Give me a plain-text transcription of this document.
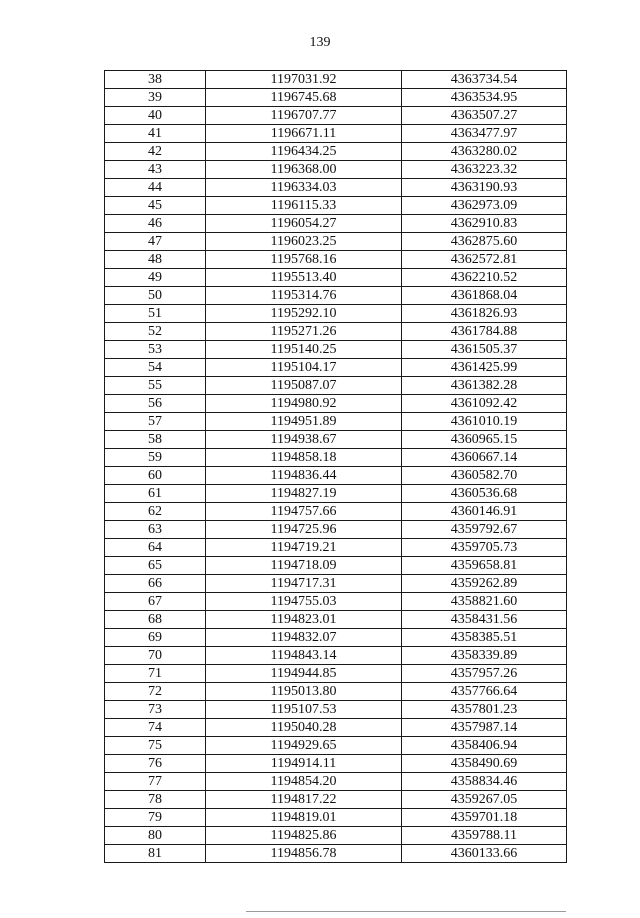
139
38	1197031.92	4363734.54
39	1196745.68	4363534.95
40	1196707.77	4363507.27
41	1196671.11	4363477.97
42	1196434.25	4363280.02
43	1196368.00	4363223.32
44	1196334.03	4363190.93
45	1196115.33	4362973.09
46	1196054.27	4362910.83
47	1196023.25	4362875.60
48	1195768.16	4362572.81
49	1195513.40	4362210.52
50	1195314.76	4361868.04
51	1195292.10	4361826.93
52	1195271.26	4361784.88
53	1195140.25	4361505.37
54	1195104.17	4361425.99
55	1195087.07	4361382.28
56	1194980.92	4361092.42
57	1194951.89	4361010.19
58	1194938.67	4360965.15
59	1194858.18	4360667.14
60	1194836.44	4360582.70
61	1194827.19	4360536.68
62	1194757.66	4360146.91
63	1194725.96	4359792.67
64	1194719.21	4359705.73
65	1194718.09	4359658.81
66	1194717.31	4359262.89
67	1194755.03	4358821.60
68	1194823.01	4358431.56
69	1194832.07	4358385.51
70	1194843.14	4358339.89
71	1194944.85	4357957.26
72	1195013.80	4357766.64
73	1195107.53	4357801.23
74	1195040.28	4357987.14
75	1194929.65	4358406.94
76	1194914.11	4358490.69
77	1194854.20	4358834.46
78	1194817.22	4359267.05
79	1194819.01	4359701.18
80	1194825.86	4359788.11
81	1194856.78	4360133.66
